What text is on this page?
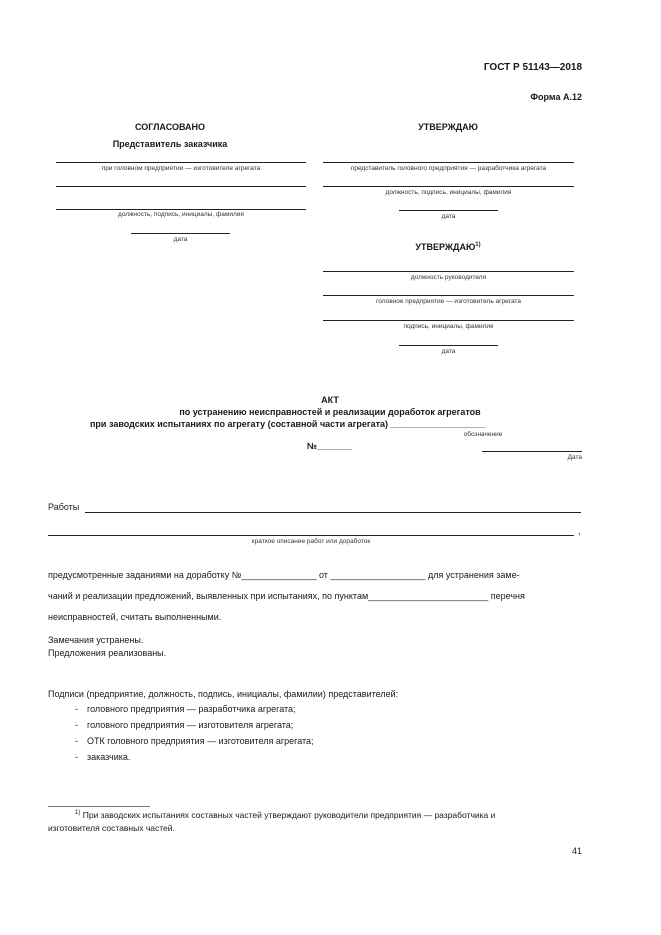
ГОСТ Р 51143—2018
Форма А.12
СОГЛАСОВАНО
Представитель заказчика
при головном предприятии — изготовителе агрегата
должность, подпись, инициалы, фамилия
дата
УТВЕРЖДАЮ
представитель головного предприятия — разработчика агрегата
должность, подпись, инициалы, фамилия
дата
УТВЕРЖДАЮ$^{1)}$
должность руководителя
головное предприятие — изготовитель агрегата
подпись, инициалы, фамилия
дата
АКТ
по устранению неисправностей и реализации доработок агрегатов
при заводских испытаниях по агрегату (составной части агрегата) ___________________
обозначение
№_______
Дата
Работы
,
краткое описание работ или доработок
предусмотренные заданиями на доработку №_______________ от ___________________ для устранения заме-
чаний и реализации предложений, выявленных при испытаниях, по пунктам________________________ перечня
неисправностей, считать выполненными.
Замечания устранены.
Предложения реализованы.
Подписи (предприятие, должность, подпись, инициалы, фамилии) представителей:
- головного предприятия — разработчика агрегата;
- головного предприятия — изготовителя агрегата;
- ОТК головного предприятия — изготовителя агрегата;
- заказчика.
$^{1)}$ При заводских испытаниях составных частей утверждают руководители предприятия — разработчика и
изготовителя составных частей.
41
